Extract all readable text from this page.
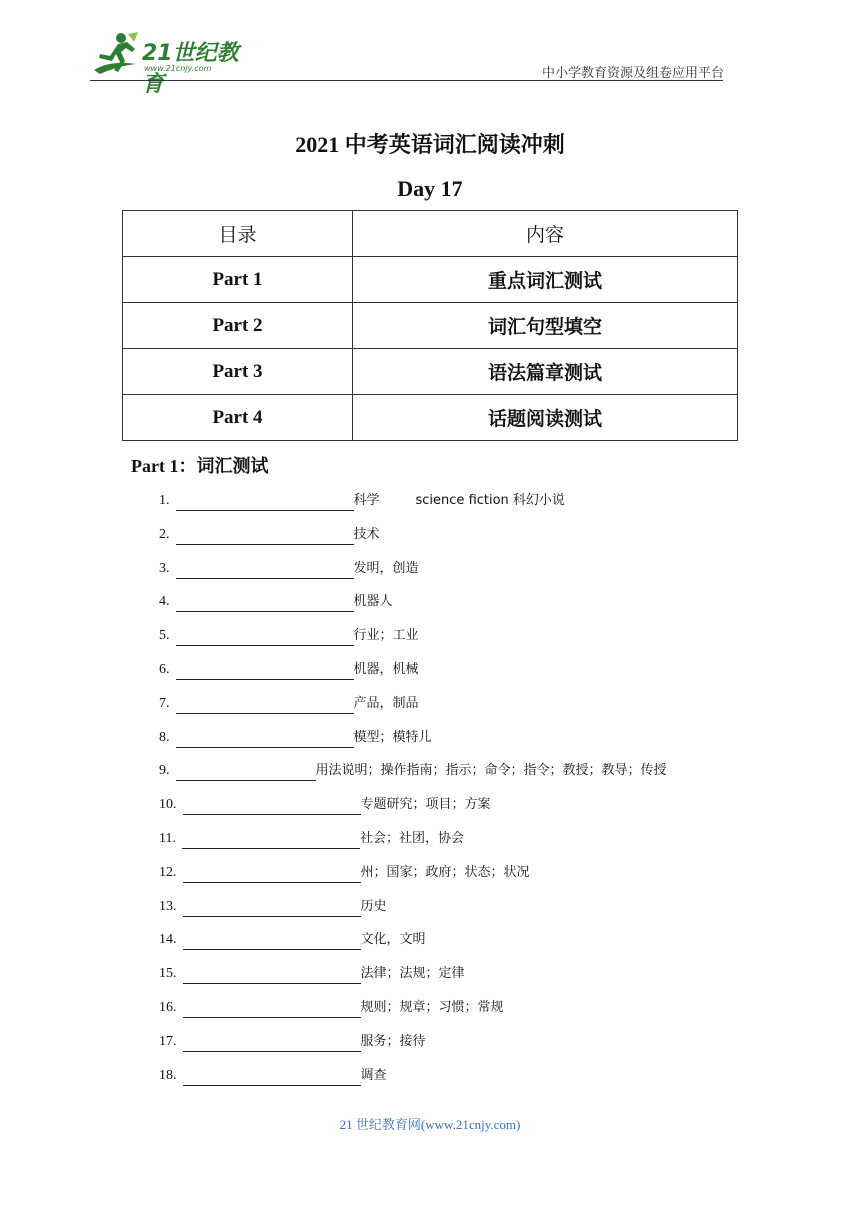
21世纪教育
www.21cnjy.com	中小学教育资源及组卷应用平台
2021 中考英语词汇阅读冲刺
Day 17
目录	内容
Part 1	重点词汇测试
Part 2	词汇句型填空
Part 3	语法篇章测试
Part 4	话题阅读测试
Part 1：词汇测试
1.	科学	science fiction 科幻小说
2.	技术
3.	发明，创造
4.	机器人
5.	行业；工业
6.	机器，机械
7.	产品，制品
8.	模型；模特儿
9.	用法说明；操作指南；指示；命令；指令；教授；教导；传授
10.	专题研究；项目；方案
11.	社会；社团，协会
12.	州；国家；政府；状态；状况
13.	历史
14.	文化，文明
15.	法律；法规；定律
16.	规则；规章；习惯；常规
17.	服务；接待
18.	调查
21 世纪教育网(www.21cnjy.com)
